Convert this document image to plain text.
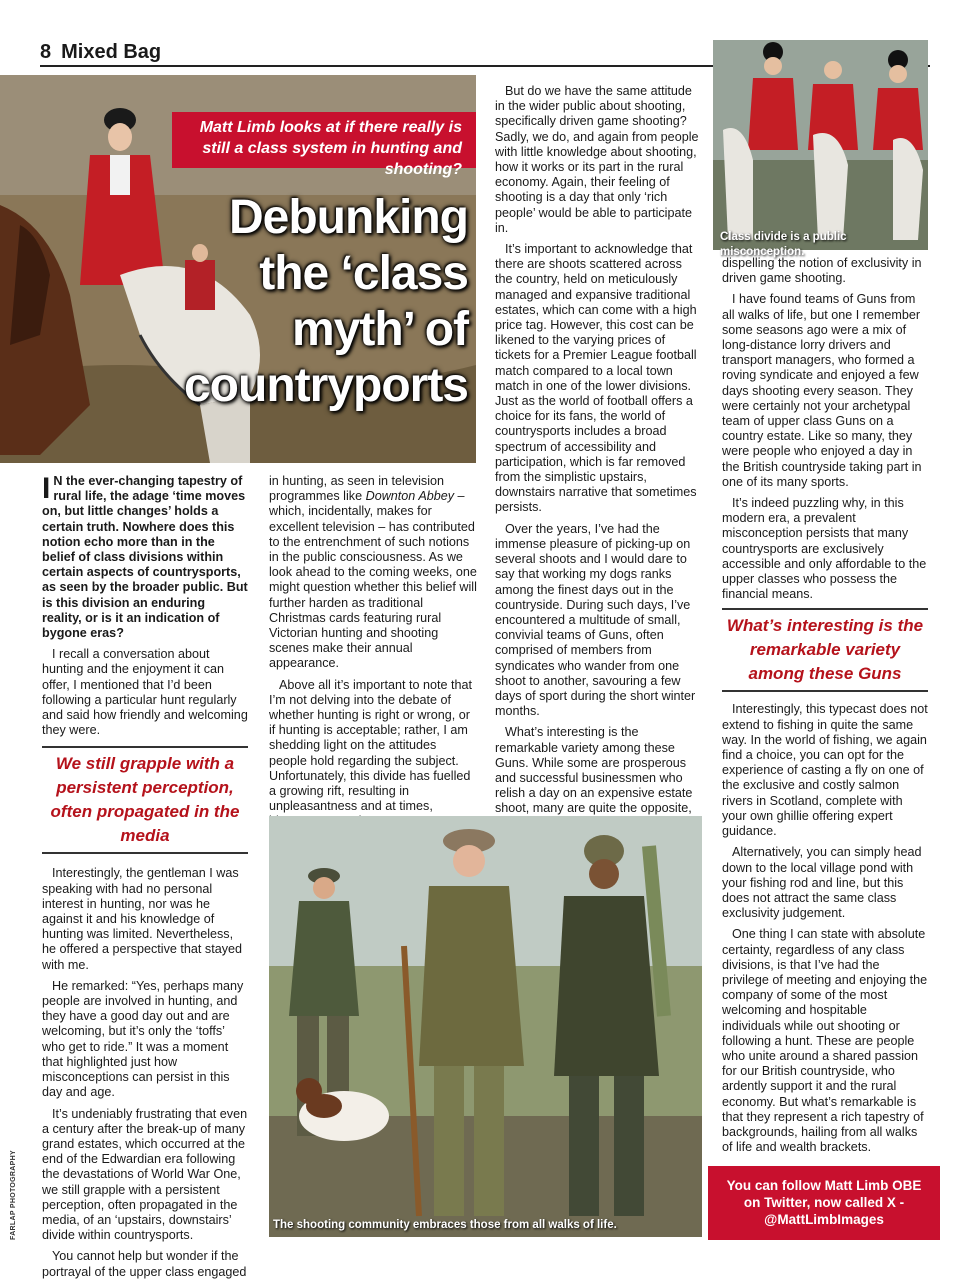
8 Mixed Bag
Matt Limb looks at if there really is still a class system in hunting and shooting?
Debunking
the ‘class
myth’ of
countryports

I N the ever-changing tapestry of rural life, the adage ‘time moves on, but little changes’ holds a certain truth. Nowhere does this notion echo more than in the belief of class divisions within certain aspects of countrysports, as seen by the broader public. But is this division an enduring reality, or is it an indication of bygone eras?

I recall a conversation about hunting and the enjoyment it can offer, I mentioned that I’d been following a particular hunt regularly and said how friendly and welcoming they were.

We still grapple with a persistent perception, often propagated in the media

Interestingly, the gentleman I was speaking with had no personal interest in hunting, nor was he against it and his knowledge of hunting was limited. Nevertheless, he offered a perspective that stayed with me.

He remarked: “Yes, perhaps many people are involved in hunting, and they have a good day out and are welcoming, but it’s only the ‘toffs’ who get to ride.” It was a moment that highlighted just how misconceptions can persist in this day and age.

It’s undeniably frustrating that even a century after the break-up of many grand estates, which occurred at the end of the Edwardian era following the devastations of World War One, we still grapple with a persistent perception, often propagated in the media, of an ‘upstairs, downstairs’ divide within countrysports.

You cannot help but wonder if the portrayal of the upper class engaged

in hunting, as seen in television programmes like Downton Abbey – which, incidentally, makes for excellent television – has contributed to the entrenchment of such notions in the public consciousness. As we look ahead to the coming weeks, one might question whether this belief will further harden as traditional Christmas cards featuring rural Victorian hunting and shooting scenes make their annual appearance.

Above all it’s important to note that I’m not delving into the debate of whether hunting is right or wrong, or if hunting is acceptable; rather, I am shedding light on the attitudes people hold regarding the subject. Unfortunately, this divide has fuelled a growing rift, resulting in unpleasantness and at times,

But do we have the same attitude in the wider public about shooting, specifically driven game shooting? Sadly, we do, and again from people with little knowledge about shooting, how it works or its part in the rural economy. Again, their feeling of shooting is a day that only ‘rich people’ would be able to participate in.

It’s important to acknowledge that there are shoots scattered across the country, held on meticulously managed and expansive traditional estates, which can come with a high price tag. However, this cost can be likened to the varying prices of tickets for a Premier League football match compared to a local town match in one of the lower divisions. Just as the world of football offers a choice for its fans, the world of countrysports includes a broad spectrum of accessibility and participation, which is far removed from the simplistic upstairs, downstairs narrative that sometimes persists.

Over the years, I’ve had the immense pleasure of picking-up on several shoots and I would dare to say that working my dogs ranks among the finest days out in the countryside. During such days, I’ve encountered a multitude of small, convivial teams of Guns, often comprised of members from syndicates who wander from one shoot to another, savouring a few days of sport during the short winter months.

What’s interesting is the remarkable variety among these Guns. While some are prosperous and successful businessmen who relish a day on an expensive estate shoot, many are quite the opposite,

Class divide is a public misconception.

dispelling the notion of exclusivity in driven game shooting.

I have found teams of Guns from all walks of life, but one I remember some seasons ago were a mix of long-distance lorry drivers and transport managers, who formed a roving syndicate and enjoyed a few days shooting every season. They were certainly not your archetypal team of upper class Guns on a country estate. Like so many, they were people who enjoyed a day in the British countryside taking part in one of its many sports.

It’s indeed puzzling why, in this modern era, a prevalent misconception persists that many countrysports are exclusively accessible and only affordable to the upper classes who possess the financial means.

What’s interesting is the remarkable variety among these Guns

Interestingly, this typecast does not extend to fishing in quite the same way. In the world of fishing, we again find a choice, you can opt for the experience of casting a fly on one of the exclusive and costly salmon rivers in Scotland, complete with your own ghillie offering expert guidance.

Alternatively, you can simply head down to the local village pond with your fishing rod and line, but this does not attract the same class exclusivity judgement.

One thing I can state with absolute certainty, regardless of any class divisions, is that I’ve had the privilege of meeting and enjoying the company of some of the most welcoming and hospitable individuals while out shooting or following a hunt. These are people who unite around a shared passion for our British countryside, who ardently support it and the rural economy. But what’s remarkable is that they represent a rich tapestry of backgrounds, hailing from all walks of life and wealth brackets.

The shooting community embraces those from all walks of life.
FARLAP PHOTOGRAPHY	You can follow Matt Limb OBE
on Twitter, now called X -
@MattLimbImages
